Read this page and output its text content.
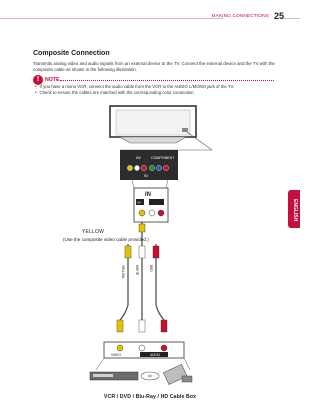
MAKING CONNECTIONS 25
Composite Connection
Transmits analog video and audio signals from an external device to the TV. Connect the external device and the TV with the composite cable as shown in the following illustration.
!	NOTE
• If you have a mono VCR, connect the audio cable from the VCR to the AUDIO L/MONO jack of the TV.
• Check to ensure the cables are matched with the corresponding color connection.
ENGLISH
AV	COMPONENT
IN
IN
AV
YELLOW	WHITE	RED
VIDEO	AUDIO
YELLOW
(Use the composite video cable provided.)
VCR / DVD / Blu-Ray / HD Cable Box
